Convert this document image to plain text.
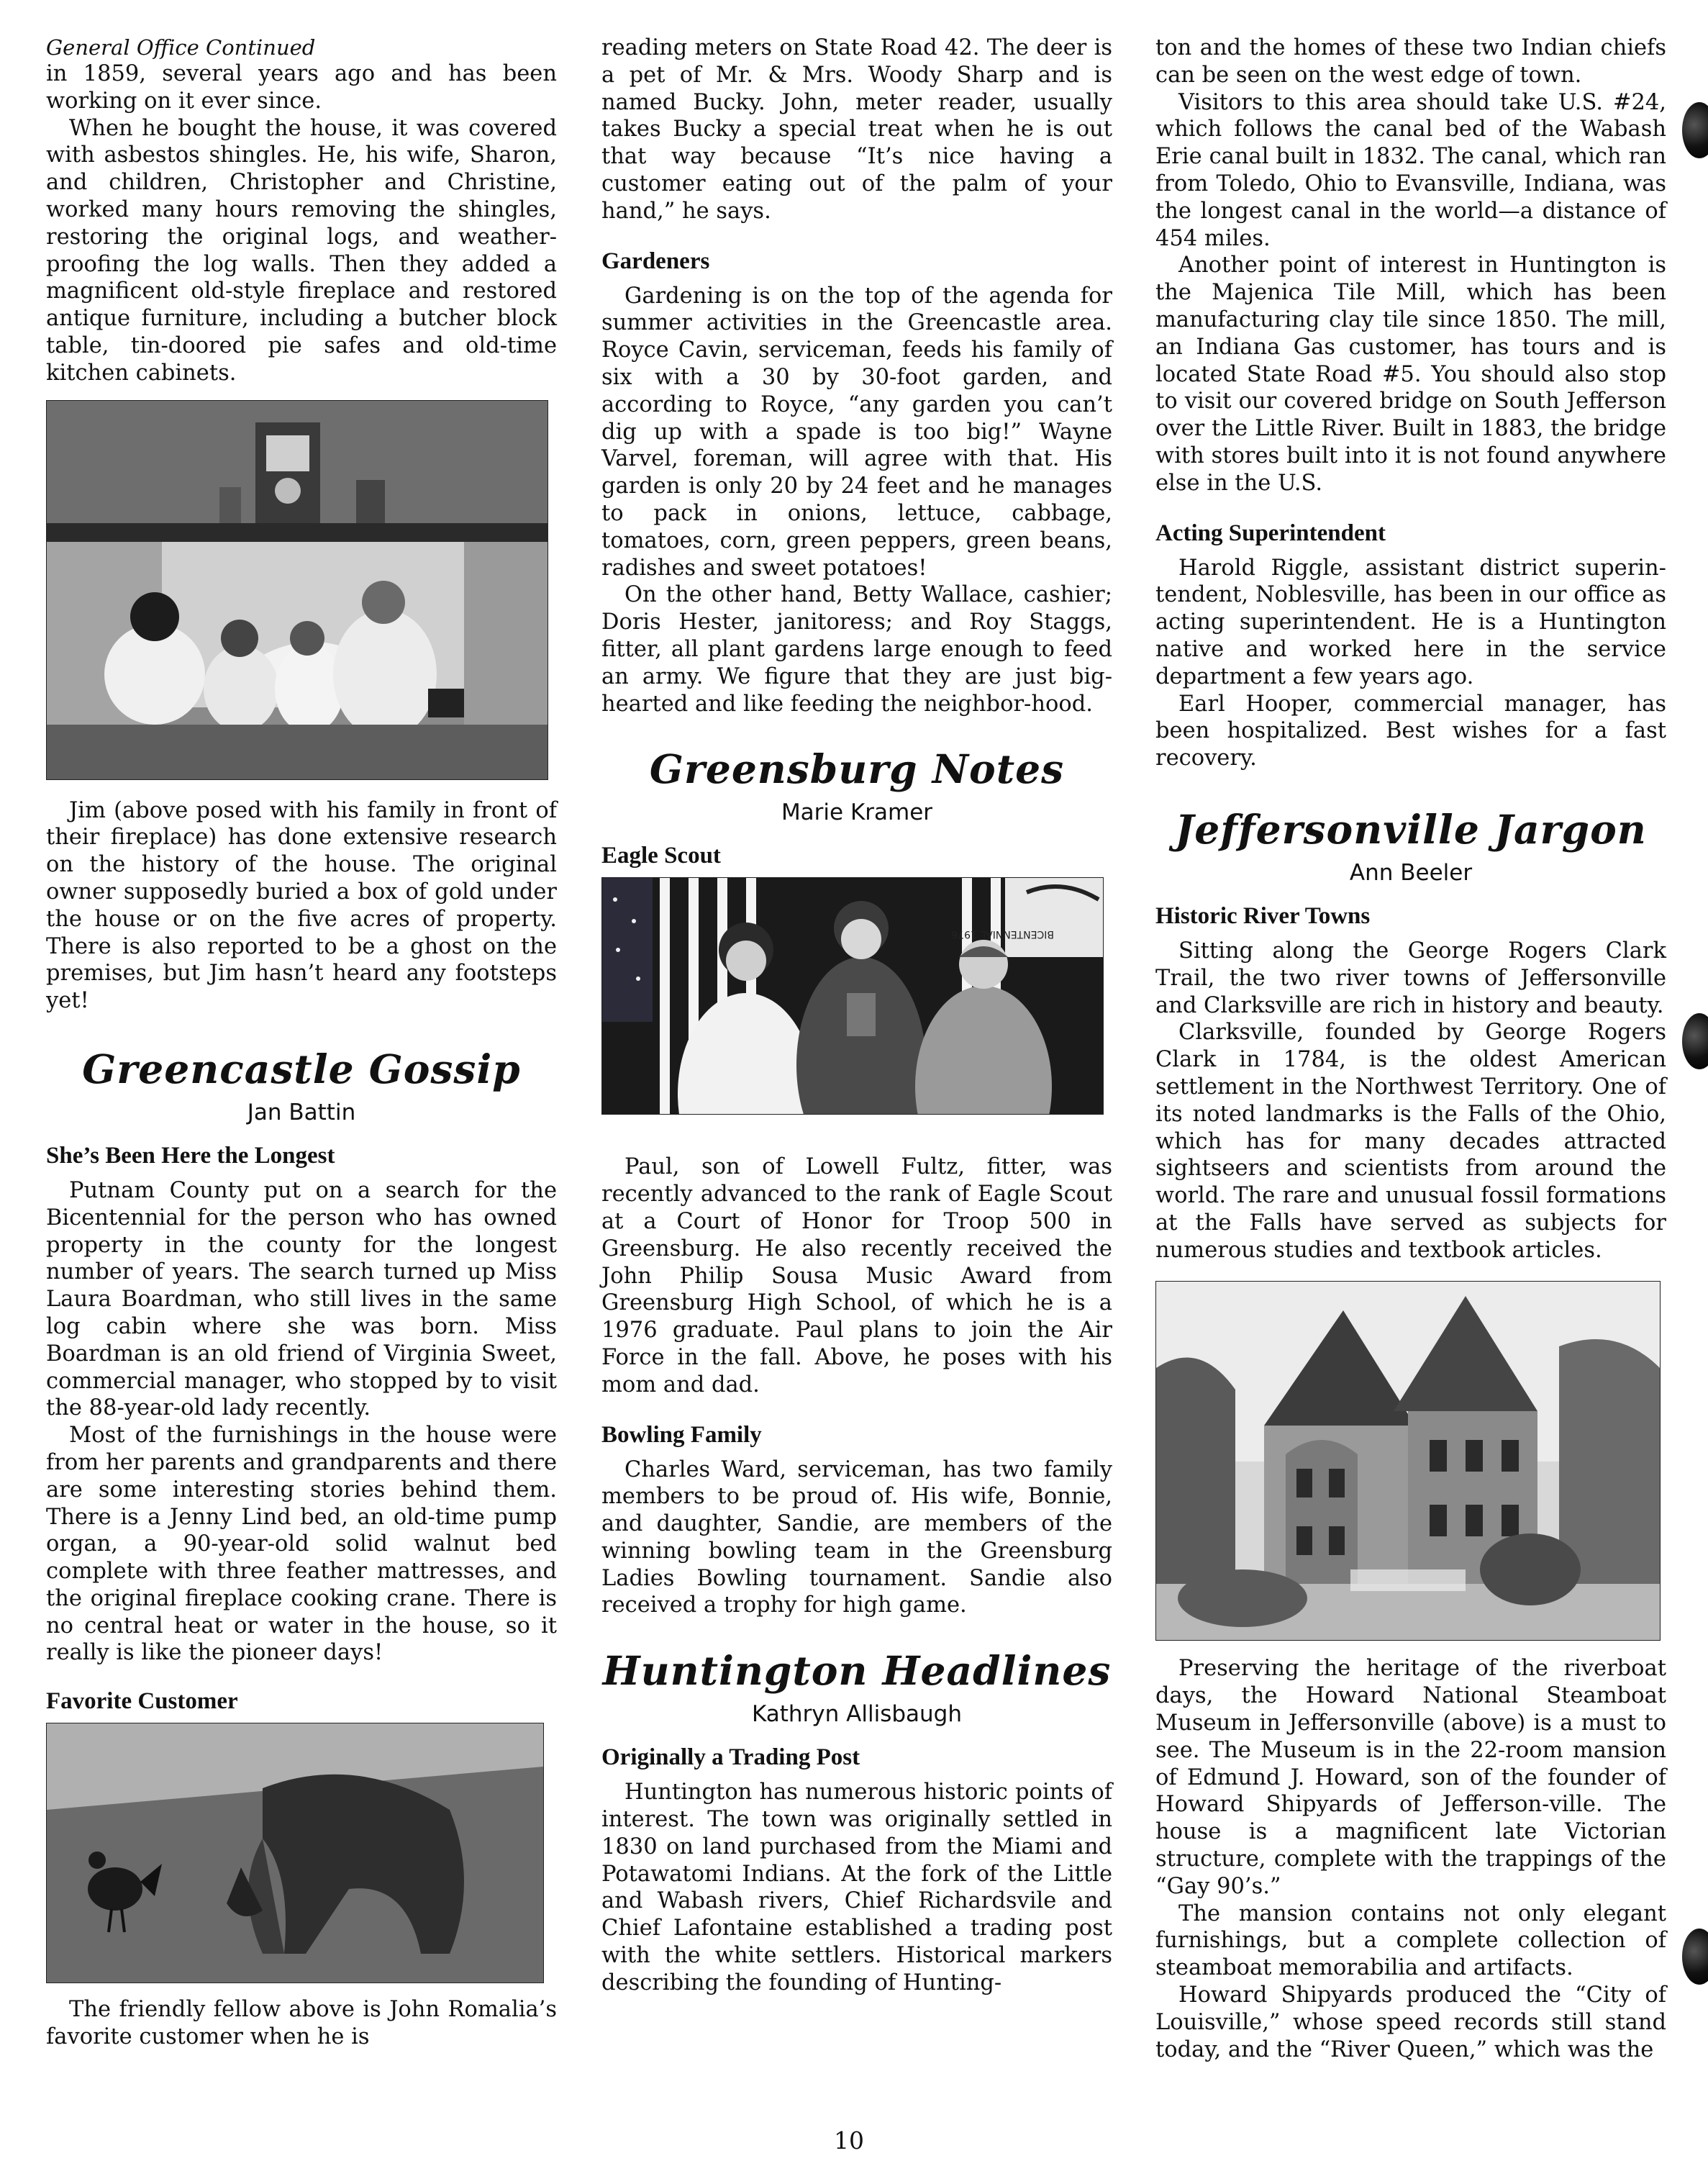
General Office Continued

in 1859, several years ago and has been working on it ever since.

When he bought the house, it was covered with asbestos shingles. He, his wife, Sharon, and children, Christopher and Christine, worked many hours removing the shingles, restoring the original logs, and weather-proofing the log walls. Then they added a magnificent old-style fireplace and restored antique furniture, including a butcher block table, tin-doored pie safes and old-time kitchen cabinets.

Jim (above posed with his family in front of their fireplace) has done extensive research on the history of the house. The original owner supposedly buried a box of gold under the house or on the five acres of property. There is also reported to be a ghost on the premises, but Jim hasn’t heard any footsteps yet!

Greencastle Gossip
Jan Battin
She’s Been Here the Longest

Putnam County put on a search for the Bicentennial for the person who has owned property in the county for the longest number of years. The search turned up Miss Laura Boardman, who still lives in the same log cabin where she was born. Miss Boardman is an old friend of Virginia Sweet, commercial manager, who stopped by to visit the 88-year-old lady recently.

Most of the furnishings in the house were from her parents and grandparents and there are some interesting stories behind them. There is a Jenny Lind bed, an old-time pump organ, a 90-year-old solid walnut bed complete with three feather mattresses, and the original fireplace cooking crane. There is no central heat or water in the house, so it really is like the pioneer days!

Favorite Customer

The friendly fellow above is John Romalia’s favorite customer when he is

reading meters on State Road 42. The deer is a pet of Mr. & Mrs. Woody Sharp and is named Bucky. John, meter reader, usually takes Bucky a special treat when he is out that way because “It’s nice having a customer eating out of the palm of your hand,” he says.

Gardeners

Gardening is on the top of the agenda for summer activities in the Greencastle area. Royce Cavin, serviceman, feeds his family of six with a 30 by 30-foot garden, and according to Royce, “any garden you can’t dig up with a spade is too big!” Wayne Varvel, foreman, will agree with that. His garden is only 20 by 24 feet and he manages to pack in onions, lettuce, cabbage, tomatoes, corn, green peppers, green beans, radishes and sweet potatoes!

On the other hand, Betty Wallace, cashier; Doris Hester, janitoress; and Roy Staggs, fitter, all plant gardens large enough to feed an army. We figure that they are just big-hearted and like feeding the neighbor-hood.

Greensburg Notes
Marie Kramer
Eagle Scout
BICENTENNIAL 1976

Paul, son of Lowell Fultz, fitter, was recently advanced to the rank of Eagle Scout at a Court of Honor for Troop 500 in Greensburg. He also recently received the John Philip Sousa Music Award from Greensburg High School, of which he is a 1976 graduate. Paul plans to join the Air Force in the fall. Above, he poses with his mom and dad.

Bowling Family

Charles Ward, serviceman, has two family members to be proud of. His wife, Bonnie, and daughter, Sandie, are members of the winning bowling team in the Greensburg Ladies Bowling tournament. Sandie also received a trophy for high game.

Huntington Headlines
Kathryn Allisbaugh
Originally a Trading Post

Huntington has numerous historic points of interest. The town was originally settled in 1830 on land purchased from the Miami and Potawatomi Indians. At the fork of the Little and Wabash rivers, Chief Richardsvile and Chief Lafontaine established a trading post with the white settlers. Historical markers describing the founding of Hunting-

ton and the homes of these two Indian chiefs can be seen on the west edge of town.

Visitors to this area should take U.S. #24, which follows the canal bed of the Wabash Erie canal built in 1832. The canal, which ran from Toledo, Ohio to Evansville, Indiana, was the longest canal in the world—a distance of 454 miles.

Another point of interest in Huntington is the Majenica Tile Mill, which has been manufacturing clay tile since 1850. The mill, an Indiana Gas customer, has tours and is located State Road #5. You should also stop to visit our covered bridge on South Jefferson over the Little River. Built in 1883, the bridge with stores built into it is not found anywhere else in the U.S.

Acting Superintendent

Harold Riggle, assistant district superin-tendent, Noblesville, has been in our office as acting superintendent. He is a Huntington native and worked here in the service department a few years ago.

Earl Hooper, commercial manager, has been hospitalized. Best wishes for a fast recovery.

Jeffersonville Jargon
Ann Beeler
Historic River Towns

Sitting along the George Rogers Clark Trail, the two river towns of Jeffersonville and Clarksville are rich in history and beauty.

Clarksville, founded by George Rogers Clark in 1784, is the oldest American settlement in the Northwest Territory. One of its noted landmarks is the Falls of the Ohio, which has for many decades attracted sightseers and scientists from around the world. The rare and unusual fossil formations at the Falls have served as subjects for numerous studies and textbook articles.

Preserving the heritage of the riverboat days, the Howard National Steamboat Museum in Jeffersonville (above) is a must to see. The Museum is in the 22-room mansion of Edmund J. Howard, son of the founder of Howard Shipyards of Jefferson-ville. The house is a magnificent late Victorian structure, complete with the trappings of the “Gay 90’s.”

The mansion contains not only elegant furnishings, but a complete collection of steamboat memorabilia and artifacts.

Howard Shipyards produced the “City of Louisville,” whose speed records still stand today, and the “River Queen,” which was the

10
